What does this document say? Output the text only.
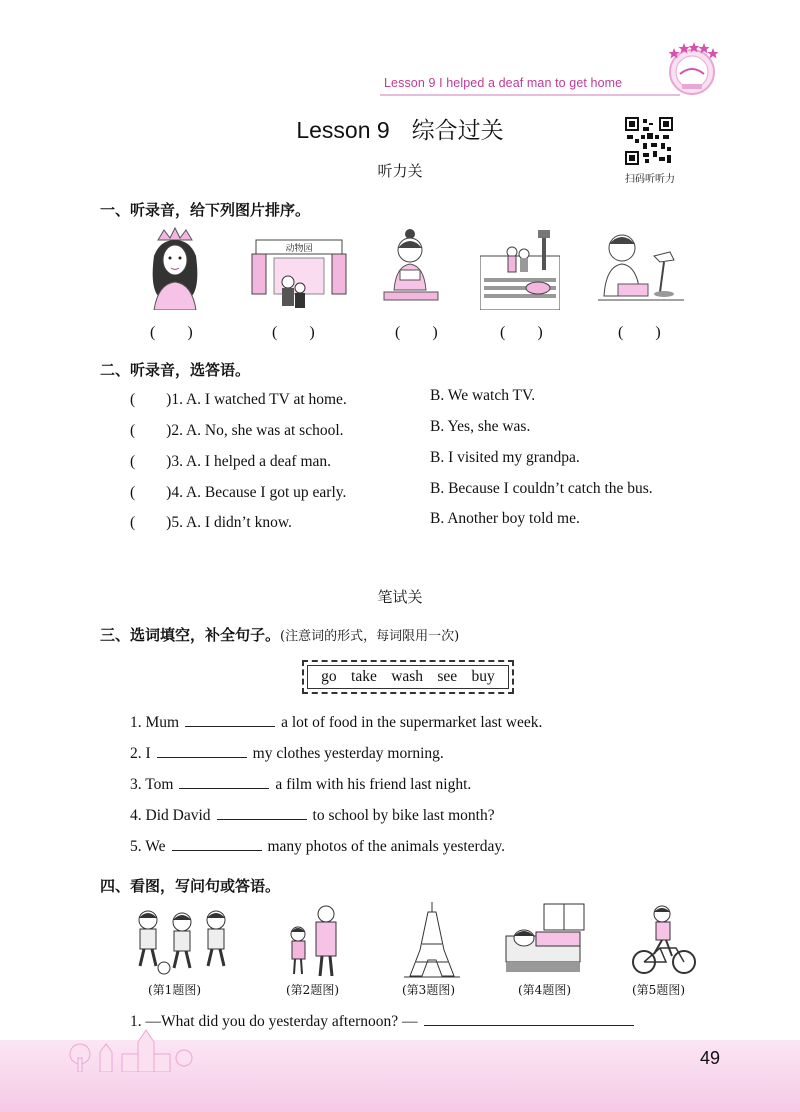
Lesson 9 I helped a deaf man to get home
Lesson 9 综合过关
扫码听听力
听力关
一、听录音，给下列图片排序。
动物园
(　　)	(　　)	(　　)	(　　)	(　　)
二、听录音，选答语。
(　　)1. A. I watched TV at home.	B. We watch TV.
(　　)2. A. No, she was at school.	B. Yes, she was.
(　　)3. A. I helped a deaf man.	B. I visited my grandpa.
(　　)4. A. Because I got up early.	B. Because I couldn’t catch the bus.
(　　)5. A. I didn’t know.	B. Another boy told me.
笔试关
三、选词填空，补全句子。(注意词的形式，每词限用一次)
go take wash see buy
1. Mum	a lot of food in the supermarket last week.
2. I	my clothes yesterday morning.
3. Tom	a film with his friend last night.
4. Did David	to school by bike last month?
5. We	many photos of the animals yesterday.
四、看图，写问句或答语。
(第1题图)	(第2题图)	(第3题图)	(第4题图)	(第5题图)
1. —What did you do yesterday afternoon? —
49
